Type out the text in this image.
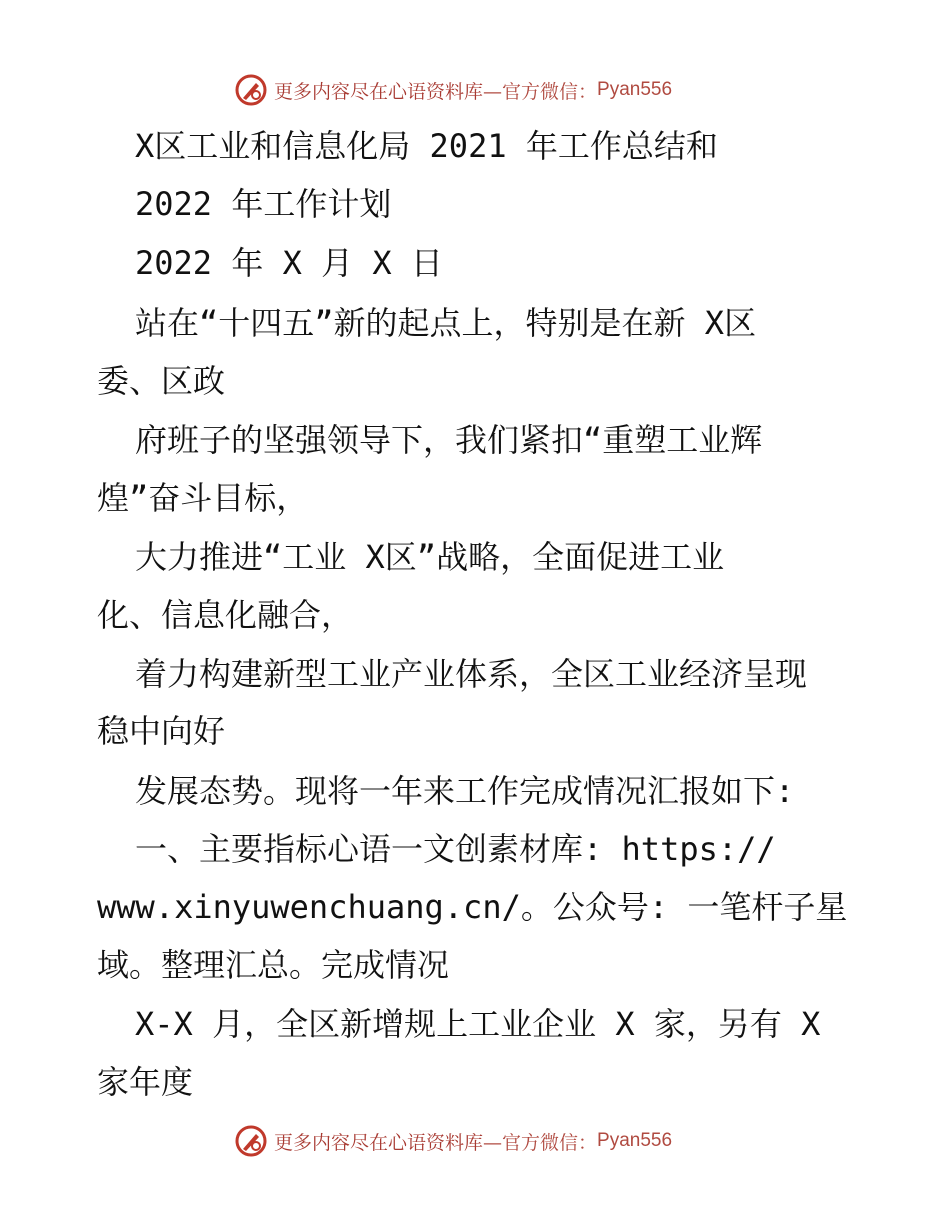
更多内容尽在心语资料库 —官方微信： Pyan556

X区工业和信息化局 2021 年工作总结和

2022 年工作计划

2022 年 X 月 X 日

站在“十四五”新的起点上，特别是在新 X区

委、区政

府班子的坚强领导下，我们紧扣“重塑工业辉

煌”奋斗目标，

大力推进“工业 X区”战略，全面促进工业

化、信息化融合，

着力构建新型工业产业体系，全区工业经济呈现

稳中向好

发展态势。现将一年来工作完成情况汇报如下:

一、主要指标心语一文创素材库: https://

www.xinyuwenchuang.cn/。公众号: 一笔杆子星

域。整理汇总。完成情况

X-X 月，全区新增规上工业企业 X 家，另有 X

家年度

更多内容尽在心语资料库 —官方微信： Pyan556
